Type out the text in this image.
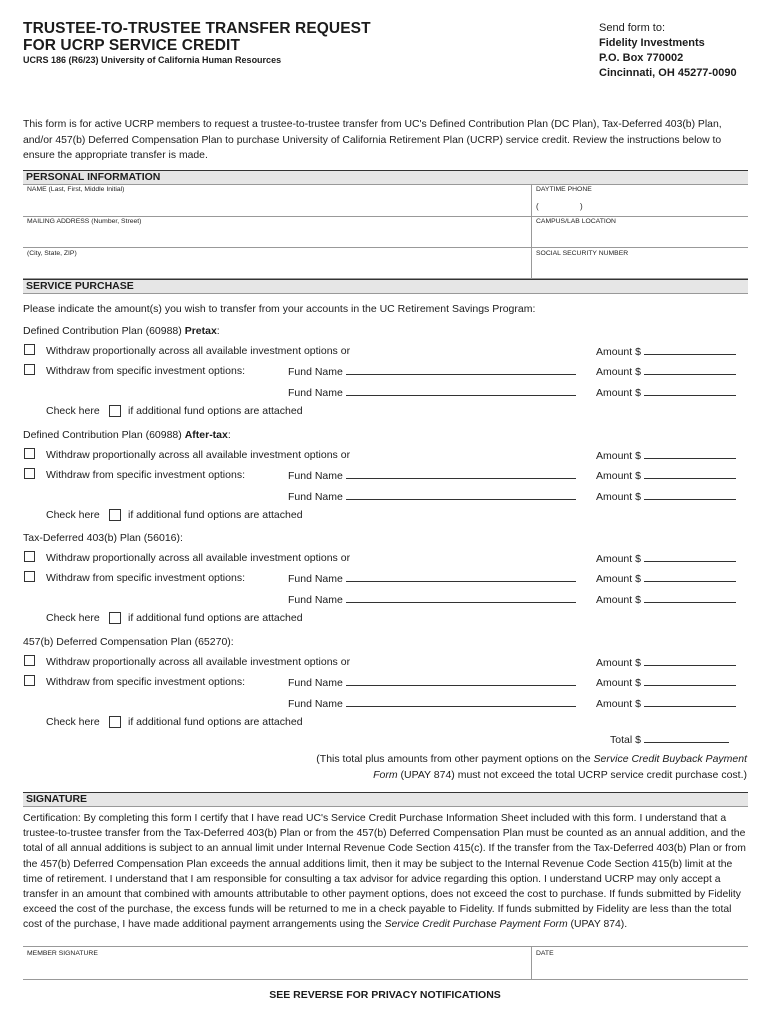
TRUSTEE-TO-TRUSTEE TRANSFER REQUEST
FOR UCRP SERVICE CREDIT
UCRS 186 (R6/23) University of California Human Resources
Send form to:
Fidelity Investments
P.O. Box 770002
Cincinnati, OH 45277-0090
This form is for active UCRP members to request a trustee-to-trustee transfer from UC's Defined Contribution Plan (DC Plan), Tax-Deferred 403(b) Plan, and/or 457(b) Deferred Compensation Plan to purchase University of California Retirement Plan (UCRP) service credit. Review the instructions below to ensure the appropriate transfer is made.
PERSONAL INFORMATION
NAME (Last, First, Middle Initial)	DAYTIME PHONE
(	)
MAILING ADDRESS (Number, Street)	CAMPUS/LAB LOCATION
(City, State, ZIP)	SOCIAL SECURITY NUMBER
SERVICE PURCHASE
Please indicate the amount(s) you wish to transfer from your accounts in the UC Retirement Savings Program:
Defined Contribution Plan (60988) Pretax:
Withdraw proportionally across all available investment options or	Amount $
Withdraw from specific investment options:	Fund Name	Amount $
Fund Name	Amount $
Check here	if additional fund options are attached
Defined Contribution Plan (60988) After-tax:
Withdraw proportionally across all available investment options or	Amount $
Withdraw from specific investment options:	Fund Name	Amount $
Fund Name	Amount $
Check here	if additional fund options are attached
Tax-Deferred 403(b) Plan (56016):
Withdraw proportionally across all available investment options or	Amount $
Withdraw from specific investment options:	Fund Name	Amount $
Fund Name	Amount $
Check here	if additional fund options are attached
457(b) Deferred Compensation Plan (65270):
Withdraw proportionally across all available investment options or	Amount $
Withdraw from specific investment options:	Fund Name	Amount $
Fund Name	Amount $
Check here	if additional fund options are attached
Total $
(This total plus amounts from other payment options on the Service Credit Buyback Payment
Form (UPAY 874) must not exceed the total UCRP service credit purchase cost.)
SIGNATURE
Certification: By completing this form I certify that I have read UC's Service Credit Purchase Information Sheet included with this form. I understand that a trustee-to-trustee transfer from the Tax-Deferred 403(b) Plan or from the 457(b) Deferred Compensation Plan must be counted as an annual addition, and the total of all annual additions is subject to an annual limit under Internal Revenue Code Section 415(c). If the transfer from the Tax-Deferred 403(b) Plan or from the 457(b) Deferred Compensation Plan exceeds the annual additions limit, then it may be subject to the Internal Revenue Code Section 415(b) limit at the time of retirement. I understand that I am responsible for consulting a tax advisor for advice regarding this option. I understand UCRP may only accept a transfer in an amount that combined with amounts attributable to other payment options, does not exceed the cost to purchase. If funds submitted by Fidelity exceed the cost of the purchase, the excess funds will be returned to me in a check payable to Fidelity. If funds submitted by Fidelity are less than the total cost of the purchase, I have made additional payment arrangements using the Service Credit Purchase Payment Form (UPAY 874).
MEMBER SIGNATURE	DATE
SEE REVERSE FOR PRIVACY NOTIFICATIONS
